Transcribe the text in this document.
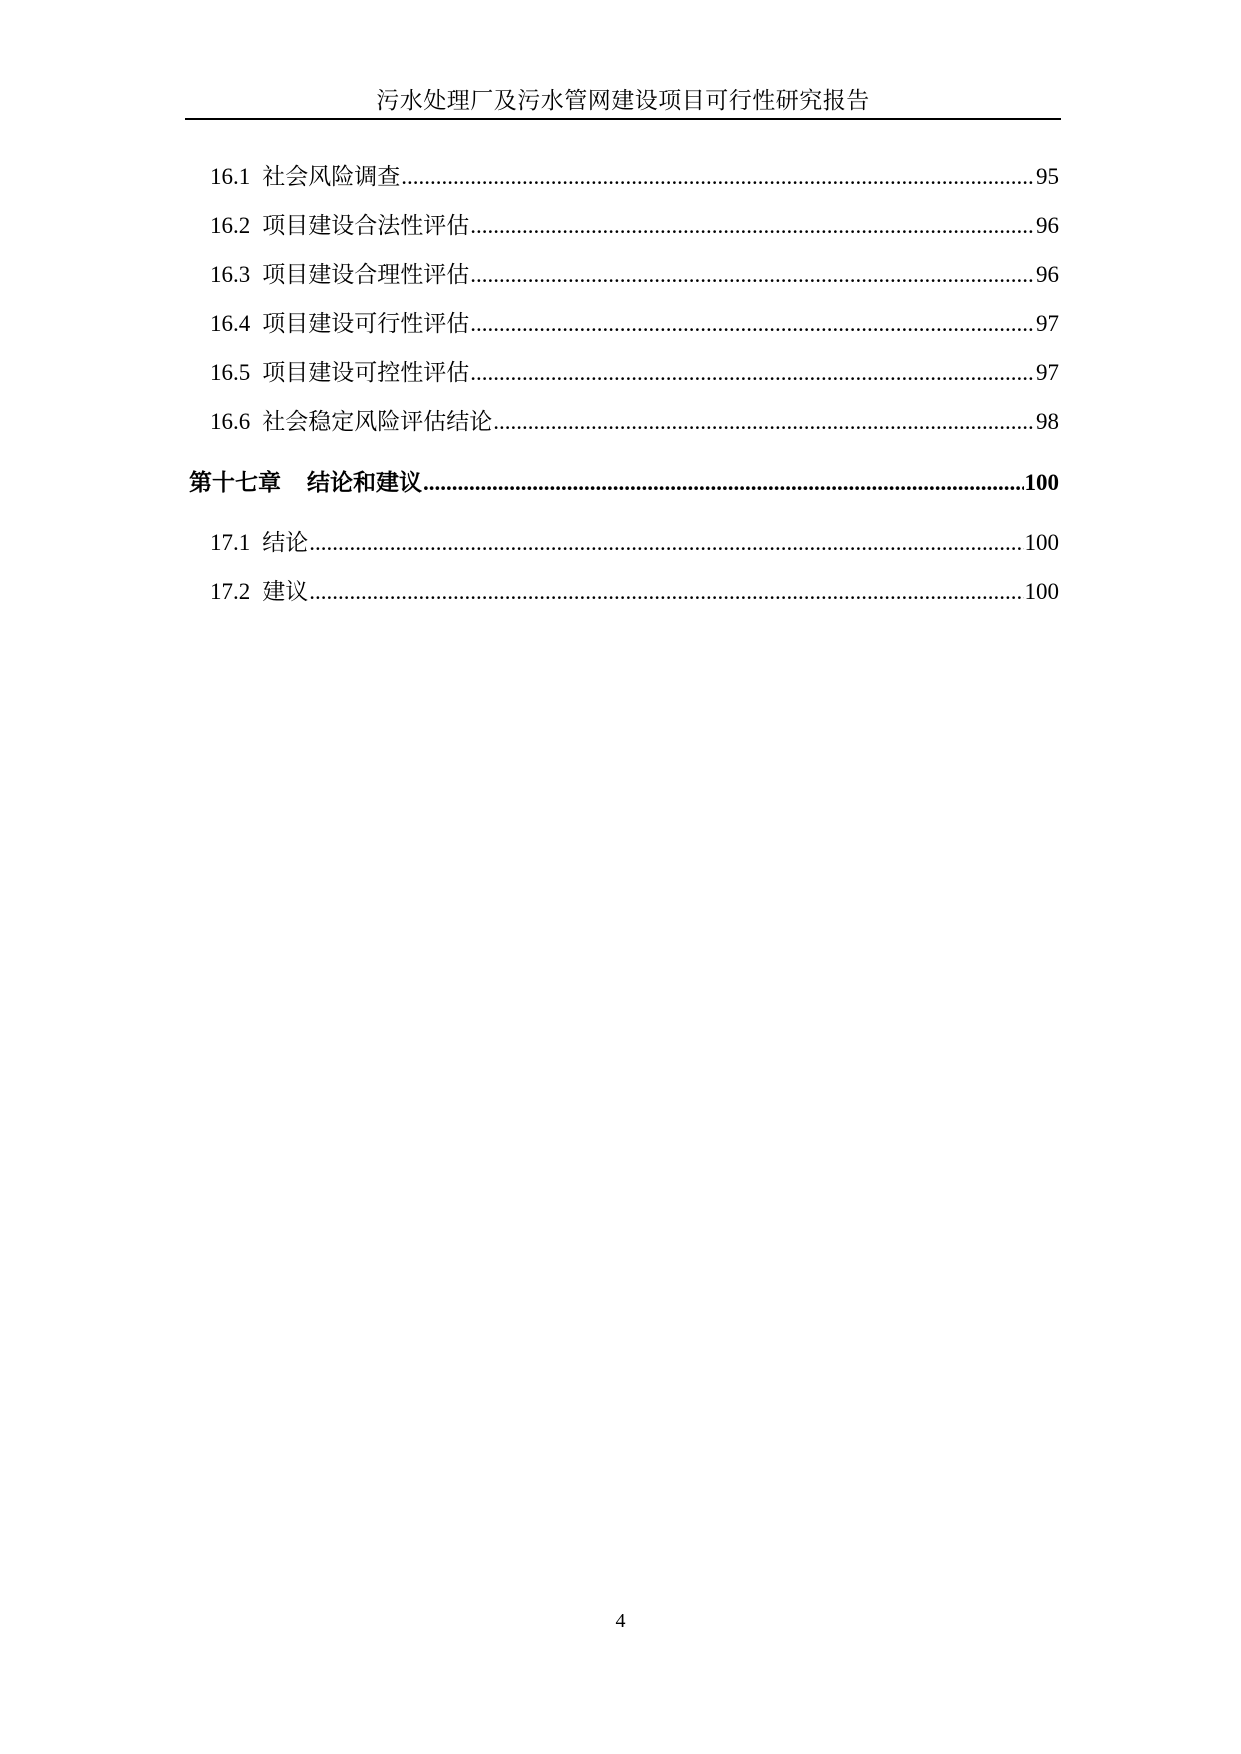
污水处理厂及污水管网建设项目可行性研究报告
16.1 社会风险调查 .....	95
16.2 项目建设合法性评估 .....	96
16.3 项目建设合理性评估 .....	96
16.4 项目建设可行性评估 .....	97
16.5 项目建设可控性评估 .....	97
16.6 社会稳定风险评估结论 .....	98
第十七章 结论和建议 .....	100
17.1 结论 .....	100
17.2 建议 .....	100
4
